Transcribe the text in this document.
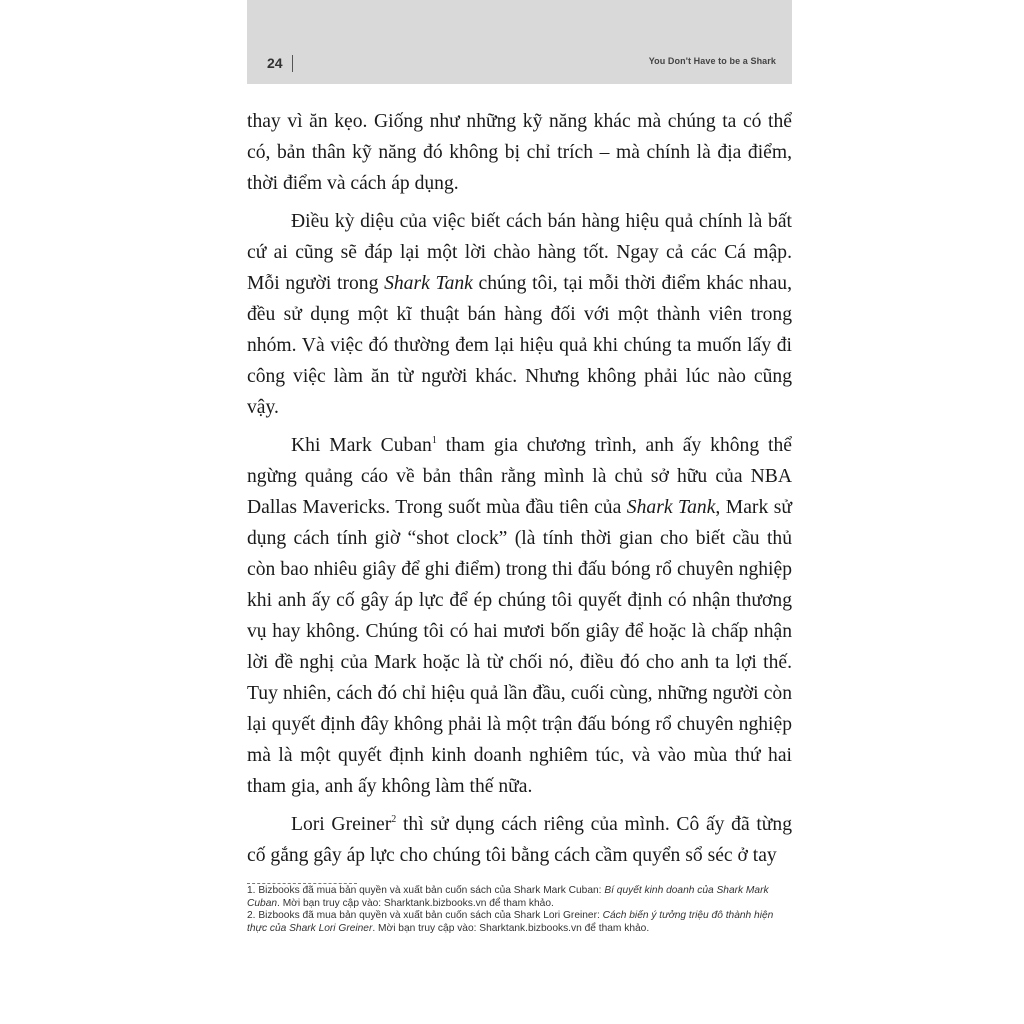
24	You Don't Have to be a Shark

thay vì ăn kẹo. Giống như những kỹ năng khác mà chúng ta có thể có, bản thân kỹ năng đó không bị chỉ trích – mà chính là địa điểm, thời điểm và cách áp dụng.

Điều kỳ diệu của việc biết cách bán hàng hiệu quả chính là bất cứ ai cũng sẽ đáp lại một lời chào hàng tốt. Ngay cả các Cá mập. Mỗi người trong Shark Tank chúng tôi, tại mỗi thời điểm khác nhau, đều sử dụng một kĩ thuật bán hàng đối với một thành viên trong nhóm. Và việc đó thường đem lại hiệu quả khi chúng ta muốn lấy đi công việc làm ăn từ người khác. Nhưng không phải lúc nào cũng vậy.

Khi Mark Cuban$^1$ tham gia chương trình, anh ấy không thể ngừng quảng cáo về bản thân rằng mình là chủ sở hữu của NBA Dallas Mavericks. Trong suốt mùa đầu tiên của Shark Tank, Mark sử dụng cách tính giờ “shot clock” (là tính thời gian cho biết cầu thủ còn bao nhiêu giây để ghi điểm) trong thi đấu bóng rổ chuyên nghiệp khi anh ấy cố gây áp lực để ép chúng tôi quyết định có nhận thương vụ hay không. Chúng tôi có hai mươi bốn giây để hoặc là chấp nhận lời đề nghị của Mark hoặc là từ chối nó, điều đó cho anh ta lợi thế. Tuy nhiên, cách đó chỉ hiệu quả lần đầu, cuối cùng, những người còn lại quyết định đây không phải là một trận đấu bóng rổ chuyên nghiệp mà là một quyết định kinh doanh nghiêm túc, và vào mùa thứ hai tham gia, anh ấy không làm thế nữa.

Lori Greiner$^2$ thì sử dụng cách riêng của mình. Cô ấy đã từng cố gắng gây áp lực cho chúng tôi bằng cách cầm quyển sổ séc ở tay

1. Bizbooks đã mua bản quyền và xuất bản cuốn sách của Shark Mark Cuban: Bí quyết kinh doanh của Shark Mark Cuban. Mời bạn truy cập vào: Sharktank.bizbooks.vn để tham khảo.

2. Bizbooks đã mua bản quyền và xuất bản cuốn sách của Shark Lori Greiner: Cách biến ý tưởng triệu đô thành hiện thực của Shark Lori Greiner. Mời bạn truy cập vào: Sharktank.bizbooks.vn để tham khảo.
